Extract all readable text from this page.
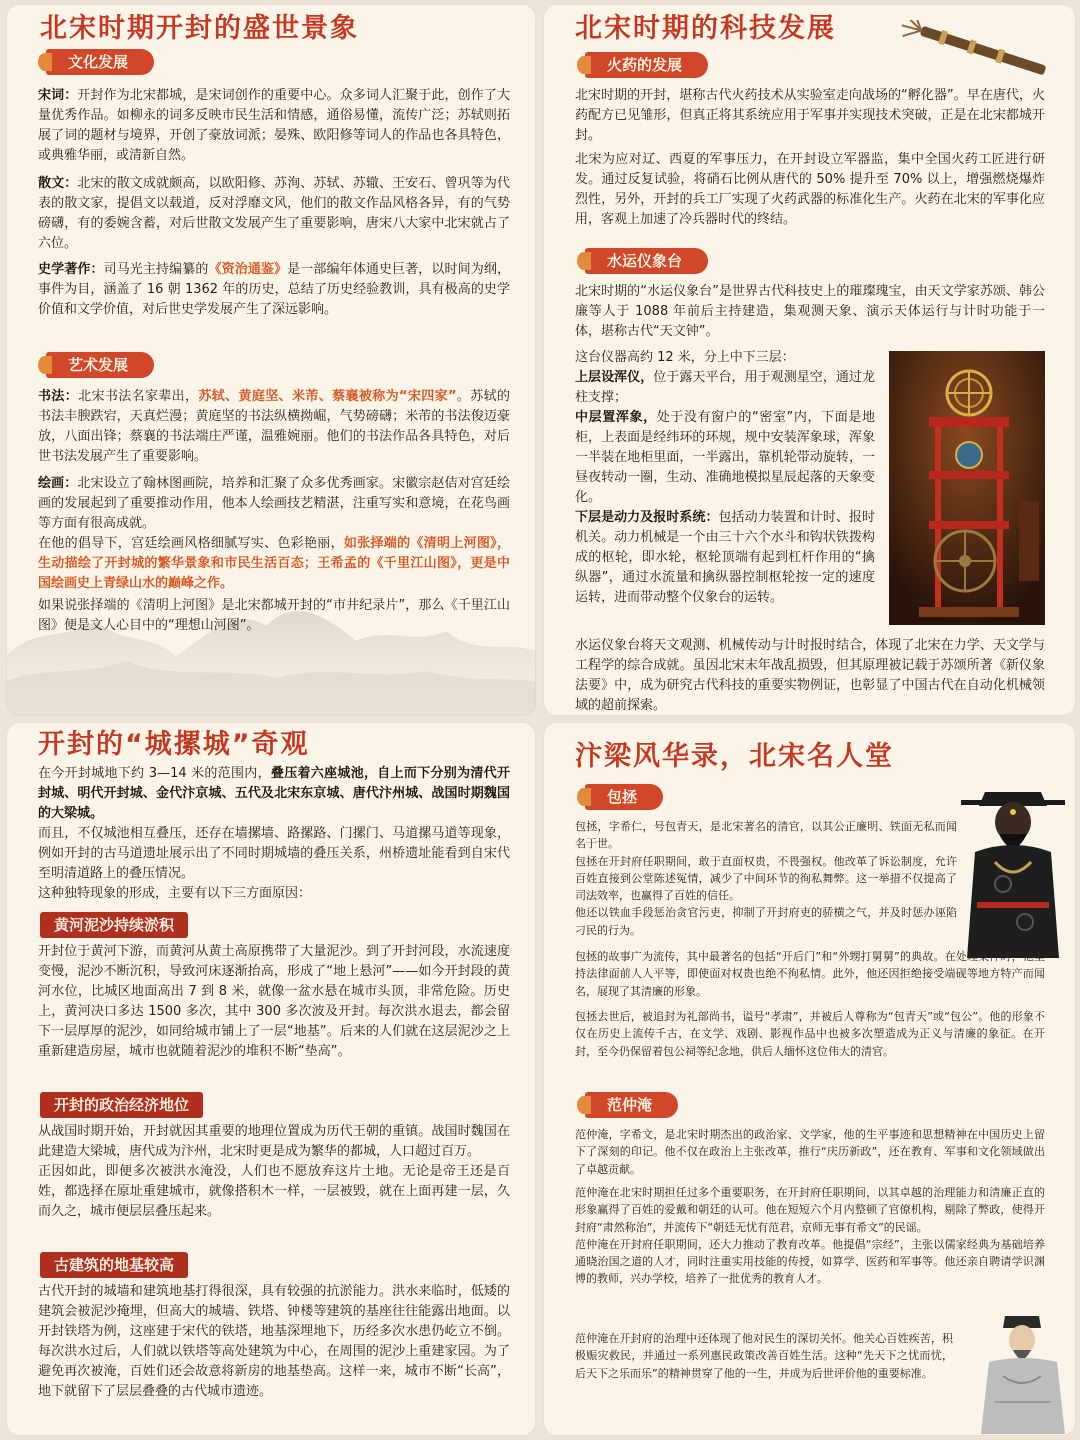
北宋时期开封的盛世景象
文化发展
宋词：开封作为北宋都城，是宋词创作的重要中心。众多词人汇聚于此，创作了大量优秀作品。如柳永的词多反映市民生活和情感，通俗易懂，流传广泛；苏轼则拓展了词的题材与境界，开创了豪放词派；晏殊、欧阳修等词人的作品也各具特色，或典雅华丽，或清新自然。
散文：北宋的散文成就颇高，以欧阳修、苏洵、苏轼、苏辙、王安石、曾巩等为代表的散文家，提倡文以载道，反对浮靡文风，他们的散文作品风格各异，有的气势磅礴，有的委婉含蓄，对后世散文发展产生了重要影响，唐宋八大家中北宋就占了六位。
史学著作：司马光主持编纂的《资治通鉴》是一部编年体通史巨著，以时间为纲，事件为目，涵盖了 16 朝 1362 年的历史，总结了历史经验教训，具有极高的史学价值和文学价值，对后世史学发展产生了深远影响。
艺术发展
书法：北宋书法名家辈出，苏轼、黄庭坚、米芾、蔡襄被称为“宋四家”。苏轼的书法丰腴跌宕，天真烂漫；黄庭坚的书法纵横拗崛，气势磅礴；米芾的书法俊迈豪放，八面出锋；蔡襄的书法端庄严谨，温雅婉丽。他们的书法作品各具特色，对后世书法发展产生了重要影响。
绘画：北宋设立了翰林图画院，培养和汇聚了众多优秀画家。宋徽宗赵佶对宫廷绘画的发展起到了重要推动作用，他本人绘画技艺精湛，注重写实和意境，在花鸟画等方面有很高成就。
在他的倡导下，宫廷绘画风格细腻写实、色彩艳丽，如张择端的《清明上河图》，生动描绘了开封城的繁华景象和市民生活百态；王希孟的《千里江山图》，更是中国绘画史上青绿山水的巅峰之作。
如果说张择端的《清明上河图》是北宋都城开封的“市井纪录片”，那么《千里江山图》便是文人心目中的“理想山河图”。
北宋时期的科技发展
火药的发展
北宋时期的开封，堪称古代火药技术从实验室走向战场的“孵化器”。早在唐代，火药配方已见雏形，但真正将其系统应用于军事并实现技术突破，正是在北宋都城开封。
北宋为应对辽、西夏的军事压力，在开封设立军器监，集中全国火药工匠进行研发。通过反复试验，将硝石比例从唐代的 50% 提升至 70% 以上，增强燃烧爆炸烈性，另外，开封的兵工厂实现了火药武器的标准化生产。火药在北宋的军事化应用，客观上加速了冷兵器时代的终结。
水运仪象台
北宋时期的“水运仪象台”是世界古代科技史上的璀璨瑰宝，由天文学家苏颂、韩公廉等人于 1088 年前后主持建造，集观测天象、演示天体运行与计时功能于一体，堪称古代“天文钟”。
这台仪器高约 12 米，分上中下三层：
上层设浑仪，位于露天平台，用于观测星空，通过龙柱支撑；
中层置浑象，处于没有窗户的“密室”内，下面是地柜，上表面是经纬环的环规，规中安装浑象球，浑象一半装在地柜里面，一半露出，靠机轮带动旋转，一昼夜转动一圈，生动、准确地模拟星辰起落的天象变化。
下层是动力及报时系统：包括动力装置和计时、报时机关。动力机械是一个由三十六个水斗和钩状铁拨构成的枢轮，即水轮，枢轮顶端有起到杠杆作用的“擒纵器”，通过水流量和擒纵器控制枢轮按一定的速度运转，进而带动整个仪象台的运转。
水运仪象台将天文观测、机械传动与计时报时结合，体现了北宋在力学、天文学与工程学的综合成就。虽因北宋末年战乱损毁，但其原理被记载于苏颂所著《新仪象法要》中，成为研究古代科技的重要实物例证，也彰显了中国古代在自动化机械领域的超前探索。
开封的“城摞城”奇观
在今开封城地下约 3—14 米的范围内，叠压着六座城池，自上而下分别为清代开封城、明代开封城、金代汴京城、五代及北宋东京城、唐代汴州城、战国时期魏国的大梁城。
而且，不仅城池相互叠压，还存在墙摞墙、路摞路、门摞门、马道摞马道等现象，例如开封的古马道遗址展示出了不同时期城墙的叠压关系，州桥遗址能看到自宋代至明清道路上的叠压情况。
这种独特现象的形成，主要有以下三方面原因：
黄河泥沙持续淤积
开封位于黄河下游，而黄河从黄土高原携带了大量泥沙。到了开封河段，水流速度变慢，泥沙不断沉积，导致河床逐渐抬高，形成了“地上悬河”——如今开封段的黄河水位，比城区地面高出 7 到 8 米，就像一盆水悬在城市头顶，非常危险。历史上，黄河决口多达 1500 多次，其中 300 多次波及开封。每次洪水退去，都会留下一层厚厚的泥沙，如同给城市铺上了一层“地基”。后来的人们就在这层泥沙之上重新建造房屋，城市也就随着泥沙的堆积不断“垫高”。
开封的政治经济地位
从战国时期开始，开封就因其重要的地理位置成为历代王朝的重镇。战国时魏国在此建造大梁城，唐代成为汴州，北宋时更是成为繁华的都城，人口超过百万。
正因如此，即便多次被洪水淹没，人们也不愿放弃这片土地。无论是帝王还是百姓，都选择在原址重建城市，就像搭积木一样，一层被毁，就在上面再建一层，久而久之，城市便层层叠压起来。
古建筑的地基较高
古代开封的城墙和建筑地基打得很深，具有较强的抗淤能力。洪水来临时，低矮的建筑会被泥沙掩埋，但高大的城墙、铁塔、钟楼等建筑的基座往往能露出地面。以开封铁塔为例，这座建于宋代的铁塔，地基深埋地下，历经多次水患仍屹立不倒。每次洪水过后，人们就以铁塔等高处建筑为中心，在周围的泥沙上重建家园。为了避免再次被淹，百姓们还会故意将新房的地基垫高。这样一来，城市不断“长高”，地下就留下了层层叠叠的古代城市遗迹。
汴梁风华录，北宋名人堂
包拯
包拯，字希仁，号包青天，是北宋著名的清官，以其公正廉明、铁面无私而闻名于世。
包拯在开封府任职期间，敢于直面权贵，不畏强权。他改革了诉讼制度，允许百姓直接到公堂陈述冤情，减少了中间环节的徇私舞弊。这一举措不仅提高了司法效率，也赢得了百姓的信任。
他还以铁血手段惩治贪官污吏，抑制了开封府吏的骄横之气，并及时惩办诬陷刁民的行为。
包拯的故事广为流传，其中最著名的包括“开后门”和“外甥打舅舅”的典故。在处理案件时，他坚持法律面前人人平等，即使面对权贵也绝不徇私情。此外，他还因拒绝接受端砚等地方特产而闻名，展现了其清廉的形象。
包拯去世后，被追封为礼部尚书，谥号“孝肃”，并被后人尊称为“包青天”或“包公”。他的形象不仅在历史上流传千古，在文学、戏剧、影视作品中也被多次塑造成为正义与清廉的象征。在开封，至今仍保留着包公祠等纪念地，供后人缅怀这位伟大的清官。
范仲淹
范仲淹，字希文，是北宋时期杰出的政治家、文学家，他的生平事迹和思想精神在中国历史上留下了深刻的印记。他不仅在政治上主张改革，推行“庆历新政”，还在教育、军事和文化领域做出了卓越贡献。
范仲淹在北宋时期担任过多个重要职务，在开封府任职期间，以其卓越的治理能力和清廉正直的形象赢得了百姓的爱戴和朝廷的认可。他在短短六个月内整顿了官僚机构，剔除了弊政，使得开封府“肃然称治”，并流传下“朝廷无忧有范君，京师无事有希文”的民谣。
范仲淹在开封府任职期间，还大力推动了教育改革。他提倡“宗经”，主张以儒家经典为基础培养通晓治国之道的人才，同时注重实用技能的传授，如算学、医药和军事等。他还亲自聘请学识渊博的教师，兴办学校，培养了一批优秀的教育人才。
范仲淹在开封府的治理中还体现了他对民生的深切关怀。他关心百姓疾苦，积极赈灾救民，并通过一系列惠民政策改善百姓生活。这种“先天下之忧而忧，后天下之乐而乐”的精神贯穿了他的一生，并成为后世评价他的重要标准。
